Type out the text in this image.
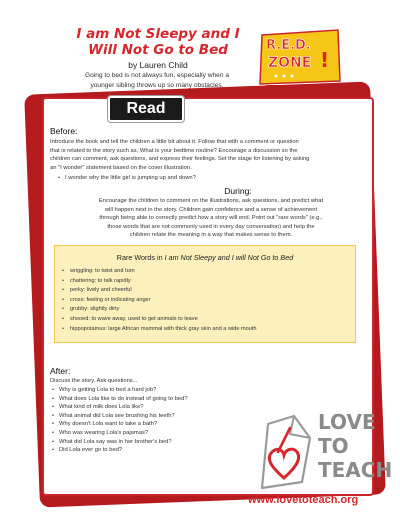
I am Not Sleepy and I
Will Not Go to Bed
by Lauren Child
Going to bed is not always fun, especially when a
younger sibling throws up so many obstacles.
R.E.D.
ZONE !
Read
Before:
Introduce the book and tell the children a little bit about it. Follow that with a comment or question
that is related to the story such as, What is your bedtime routine? Encourage a discussion so the
children can comment, ask questions, and express their feelings. Set the stage for listening by asking
an "I wonder" statement based on the cover illustration.
• I wonder why the little girl is jumping up and down?
During:
Encourage the children to comment on the illustrations, ask questions, and predict what
will happen next in the story. Children gain confidence and a sense of achievement
through being able to correctly predict how a story will end. Point out "rare words" (e.g.,
those words that are not commonly used in every day conversation) and help the
children relate the meaning in a way that makes sense to them.
Rare Words in I am Not Sleepy and I will Not Go to Bed
• wriggling: to twist and turn
• chattering: to talk rapidly
• perky: lively and cheerful
• cross: feeling or indicating anger
• grubby: slightly dirty
• shooed: to wave away, used to get animals to leave
• hippopotamus: large African mammal with thick gray skin and a wide mouth
After:
Discuss the story. Ask questions...
• Why is getting Lola to bed a hard job?
• What does Lola like to do instead of going to bed?
• What kind of milk does Lola like?
• What animal did Lola see brushing his teeth?
• Why doesn't Lola want to take a bath?
• Who was wearing Lola's pajamas?
• What did Lola say was in her brother's bed?
• Did Lola ever go to bed?
LOVE
TO
TEACH
www.lovetoteach.org
